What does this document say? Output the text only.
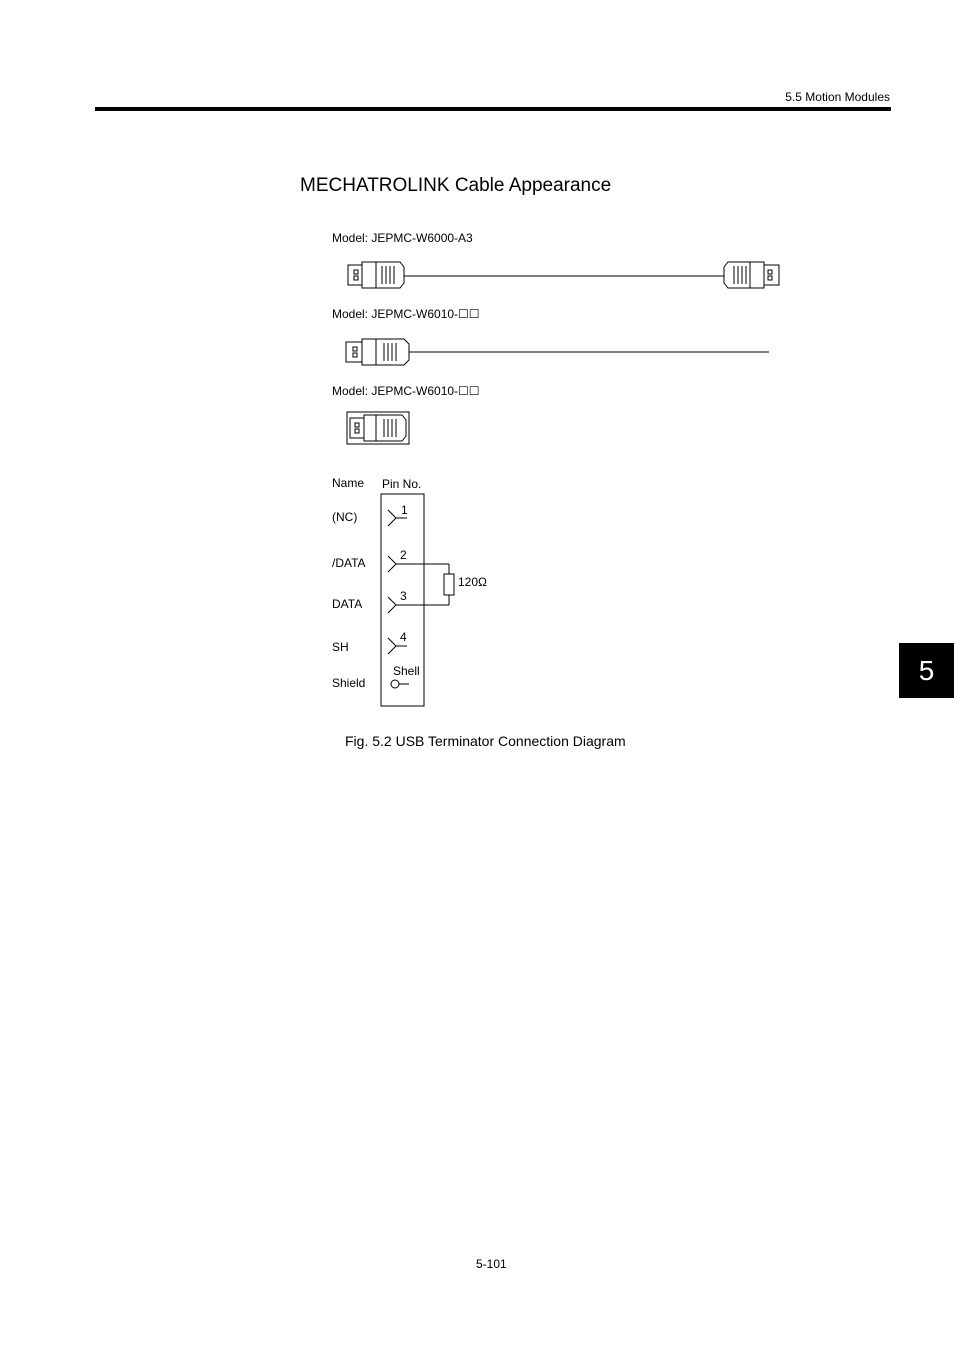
5.5 Motion Modules
MECHATROLINK Cable Appearance
Model: JEPMC-W6000-A3
Model: JEPMC-W6010-☐☐
Model: JEPMC-W6010-☐☐
Name Pin No.
(NC)
/DATA
DATA
SH
Shield
1
2
3
4
Shell
120Ω
Fig. 5.2 USB Terminator Connection Diagram
5-101
5
